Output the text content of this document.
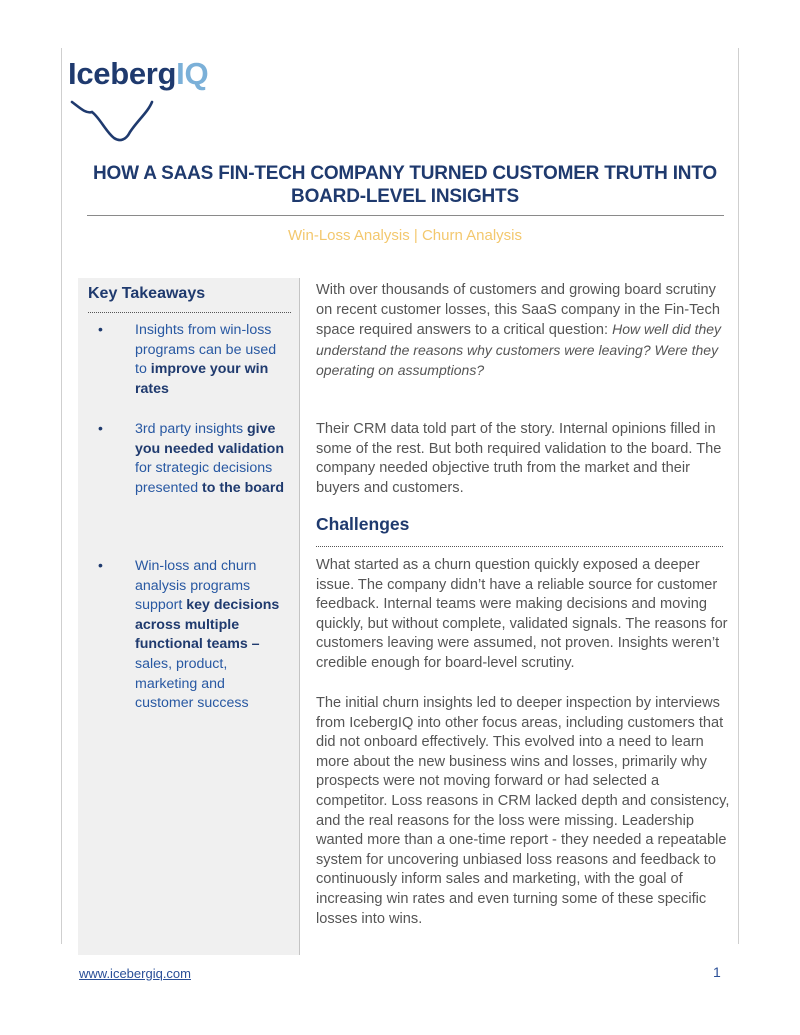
IcebergIQ
HOW A SAAS FIN-TECH COMPANY TURNED CUSTOMER TRUTH INTO BOARD-LEVEL INSIGHTS
Win-Loss Analysis | Churn Analysis
Key Takeaways
• Insights from win-loss programs can be used to improve your win rates
• 3rd party insights give you needed validation for strategic decisions presented to the board
• Win-loss and churn analysis programs support key decisions across multiple functional teams – sales, product, marketing and customer success

With over thousands of customers and growing board scrutiny on recent customer losses, this SaaS company in the Fin-Tech space required answers to a critical question: How well did they understand the reasons why customers were leaving? Were they operating on assumptions?

Their CRM data told part of the story. Internal opinions filled in some of the rest. But both required validation to the board. The company needed objective truth from the market and their buyers and customers.

Challenges

What started as a churn question quickly exposed a deeper issue. The company didn’t have a reliable source for customer feedback. Internal teams were making decisions and moving quickly, but without complete, validated signals. The reasons for customers leaving were assumed, not proven. Insights weren’t credible enough for board-level scrutiny.

The initial churn insights led to deeper inspection by interviews from IcebergIQ into other focus areas, including customers that did not onboard effectively. This evolved into a need to learn more about the new business wins and losses, primarily why prospects were not moving forward or had selected a competitor. Loss reasons in CRM lacked depth and consistency, and the real reasons for the loss were missing. Leadership wanted more than a one-time report - they needed a repeatable system for uncovering unbiased loss reasons and feedback to continuously inform sales and marketing, with the goal of increasing win rates and even turning some of these specific losses into wins.

www.icebergiq.com	1
